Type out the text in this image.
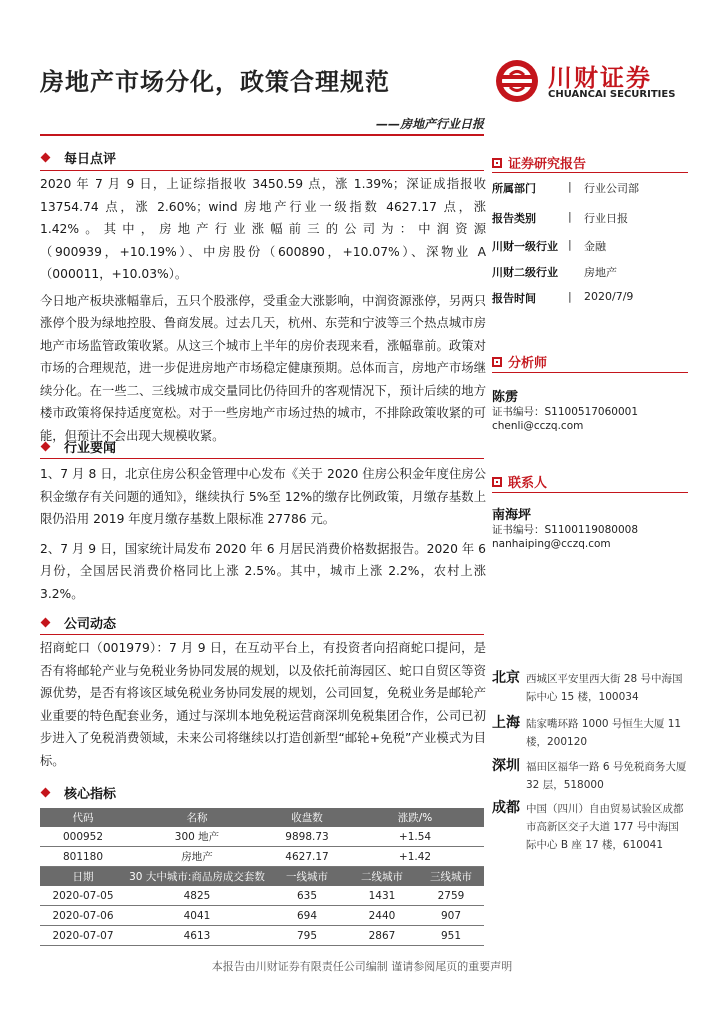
房地产市场分化，政策合理规范	川财证券
CHUANCAI SECURITIES
——房地产行业日报
每日点评

2020 年 7 月 9 日，上证综指报收 3450.59 点，涨 1.39%；深证成指报收 13754.74 点，涨 2.60%；wind 房地产行业一级指数 4627.17 点，涨 1.42%。其中，房地产行业涨幅前三的公司为：中润资源（900939，+10.19%）、中房股份（600890，+10.07%）、深物业 A（000011，+10.03%）。

今日地产板块涨幅靠后，五只个股涨停，受重金大涨影响，中润资源涨停，另两只涨停个股为绿地控股、鲁商发展。过去几天，杭州、东莞和宁波等三个热点城市房地产市场监管政策收紧。从这三个城市上半年的房价表现来看，涨幅靠前。政策对市场的合理规范，进一步促进房地产市场稳定健康预期。总体而言，房地产市场继续分化。在一些二、三线城市成交量同比仍待回升的客观情况下，预计后续的地方楼市政策将保持适度宽松。对于一些房地产市场过热的城市，不排除政策收紧的可能，但预计不会出现大规模收紧。

行业要闻

1、7 月 8 日，北京住房公积金管理中心发布《关于 2020 住房公积金年度住房公积金缴存有关问题的通知》，继续执行 5%至 12%的缴存比例政策，月缴存基数上限仍沿用 2019 年度月缴存基数上限标准 27786 元。

2、7 月 9 日，国家统计局发布 2020 年 6 月居民消费价格数据报告。2020 年 6 月份，全国居民消费价格同比上涨 2.5%。其中，城市上涨 2.2%，农村上涨 3.2%。

公司动态

招商蛇口（001979）：7 月 9 日，在互动平台上，有投资者向招商蛇口提问，是否有将邮轮产业与免税业务协同发展的规划，以及依托前海园区、蛇口自贸区等资源优势，是否有将该区域免税业务协同发展的规划，公司回复，免税业务是邮轮产业重要的特色配套业务，通过与深圳本地免税运营商深圳免税集团合作，公司已初步进入了免税消费领域，未来公司将继续以打造创新型“邮轮+免税”产业模式为目标。

核心指标
代码	名称	收盘数	涨跌/%	
000952	300 地产	9898.73	+1.54	
801180	房地产	4627.17	+1.42	
日期	30 大中城市:商品房成交套数	一线城市	二线城市	三线城市
2020-07-05	4825	635	1431	2759
2020-07-06	4041	694	2440	907
2020-07-07	4613	795	2867	951
证券研究报告
所属部门	|	行业公司部
报告类别	|	行业日报
川财一级行业 |	金融
川财二级行业	房地产
报告时间	|	2020/7/9
分析师
陈雳
证书编号：S1100517060001
chenli@cczq.com
联系人
南海坪
证书编号：S1100119080008
nanhaiping@cczq.com
北京 西城区平安里西大街 28 号中海国际中心 15 楼，100034
上海 陆家嘴环路 1000 号恒生大厦 11 楼，200120
深圳 福田区福华一路 6 号免税商务大厦 32 层，518000
成都 中国（四川）自由贸易试验区成都市高新区交子大道 177 号中海国际中心 B 座 17 楼，610041
本报告由川财证券有限责任公司编制 谨请参阅尾页的重要声明
